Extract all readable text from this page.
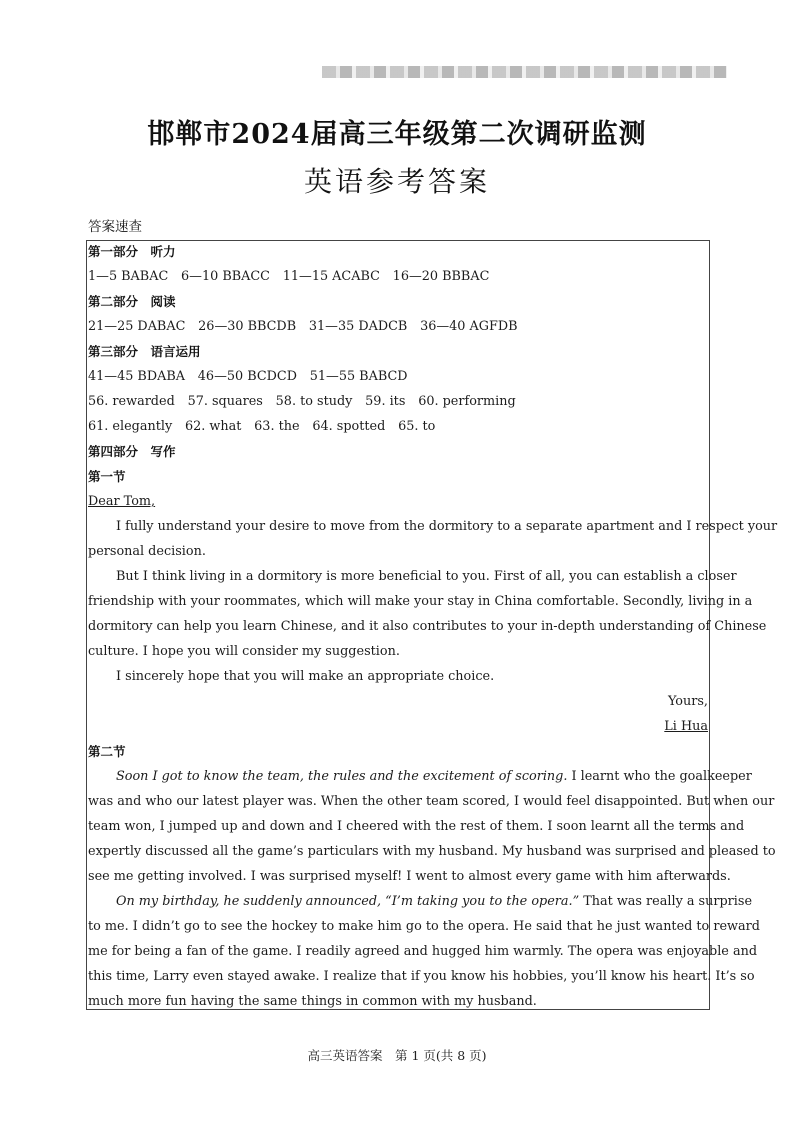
邯郸市2024届高三年级第二次调研监测
英语参考答案
答案速查
第一部分　听力
1—5 BABAC　6—10 BBACC　11—15 ACABC　16—20 BBBAC
第二部分　阅读
21—25 DABAC　26—30 BBCDB　31—35 DADCB　36—40 AGFDB
第三部分　语言运用
41—45 BDABA　46—50 BCDCD　51—55 BABCD
56. rewarded　57. squares　58. to study　59. its　60. performing
61. elegantly　62. what　63. the　64. spotted　65. to
第四部分　写作
第一节
Dear Tom,
I fully understand your desire to move from the dormitory to a separate apartment and I respect your
personal decision.
But I think living in a dormitory is more beneficial to you. First of all, you can establish a closer
friendship with your roommates, which will make your stay in China comfortable. Secondly, living in a
dormitory can help you learn Chinese, and it also contributes to your in-depth understanding of Chinese
culture. I hope you will consider my suggestion.
I sincerely hope that you will make an appropriate choice.
Yours,
Li Hua
第二节
Soon I got to know the team, the rules and the excitement of scoring. I learnt who the goalkeeper
was and who our latest player was. When the other team scored, I would feel disappointed. But when our
team won, I jumped up and down and I cheered with the rest of them. I soon learnt all the terms and
expertly discussed all the game’s particulars with my husband. My husband was surprised and pleased to
see me getting involved. I was surprised myself! I went to almost every game with him afterwards.
On my birthday, he suddenly announced, “I’m taking you to the opera.” That was really a surprise
to me. I didn’t go to see the hockey to make him go to the opera. He said that he just wanted to reward
me for being a fan of the game. I readily agreed and hugged him warmly. The opera was enjoyable and
this time, Larry even stayed awake. I realize that if you know his hobbies, you’ll know his heart. It’s so
much more fun having the same things in common with my husband.
高三英语答案　第 1 页(共 8 页)
